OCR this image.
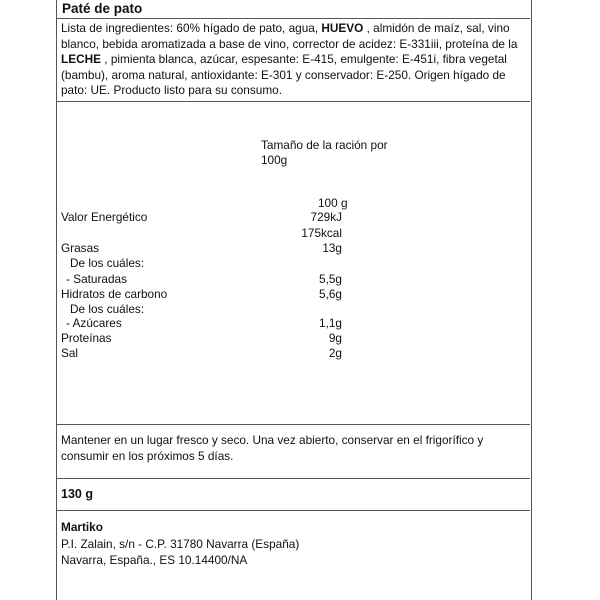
Paté de pato
Lista de ingredientes: 60% hígado de pato, agua, HUEVO , almidón de maíz, sal, vino blanco, bebida aromatizada a base de vino, corrector de acidez: E-331iii, proteína de la LECHE , pimienta blanca, azúcar, espesante: E-415, emulgente: E-451i, fibra vegetal (bambu), aroma natural, antioxidante: E-301 y conservador: E-250. Origen hígado de pato: UE. Producto listo para su consumo.
Tamaño de la ración por 100g
100 g
Valor Energético	729kJ
175kcal
Grasas	13g
De los cuáles:
- Saturadas	5,5g
Hidratos de carbono	5,6g
De los cuáles:
- Azúcares	1,1g
Proteínas	9g
Sal	2g
Mantener en un lugar fresco y seco. Una vez abierto, conservar en el frigorífico y consumir en los próximos 5 días.
130 g
Martiko
P.I. Zalain, s/n - C.P. 31780 Navarra (España)
Navarra, España., ES 10.14400/NA
